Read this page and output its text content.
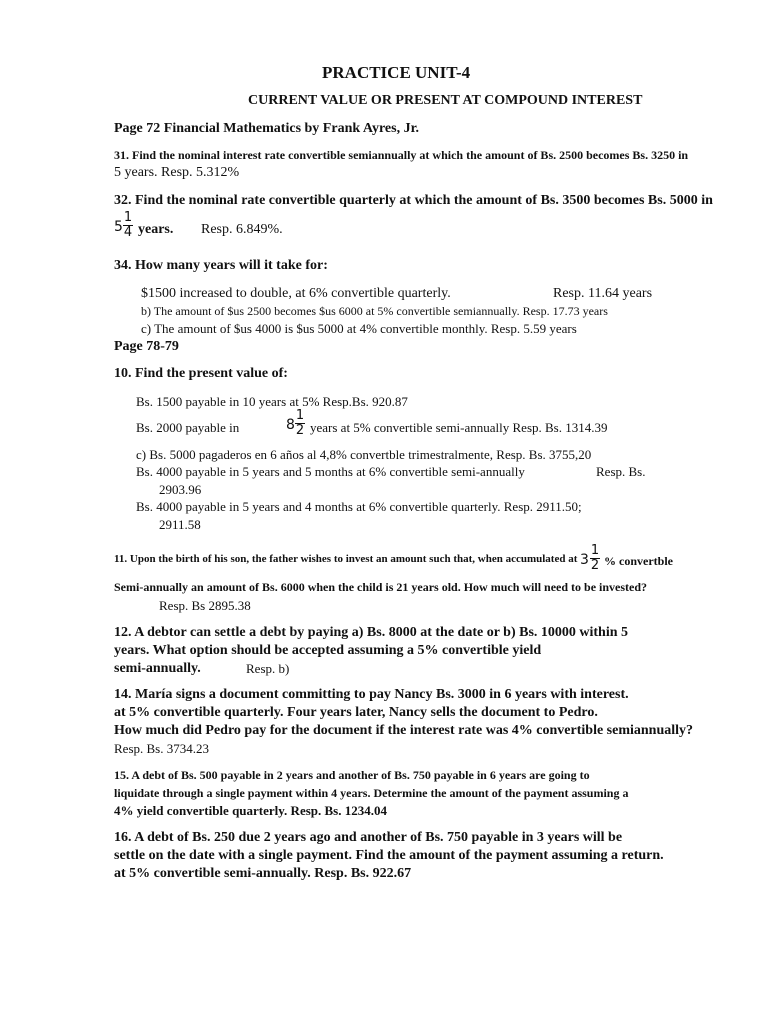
PRACTICE UNIT-4
CURRENT VALUE OR PRESENT AT COMPOUND INTEREST
Page 72 Financial Mathematics by Frank Ayres, Jr.
31. Find the nominal interest rate convertible semiannually at which the amount of Bs. 2500 becomes Bs. 3250 in
5 years. Resp. 5.312%
32. Find the nominal rate convertible quarterly at which the amount of Bs. 3500 becomes Bs. 5000 in
5
1
4 years. Resp. 6.849%.
34. How many years will it take for:
$1500 increased to double, at 6% convertible quarterly.	Resp. 11.64 years
b) The amount of $us 2500 becomes $us 6000 at 5% convertible semiannually. Resp. 17.73 years
c) The amount of $us 4000 is $us 5000 at 4% convertible monthly. Resp. 5.59 years
Page 78-79
10. Find the present value of:
Bs. 1500 payable in 10 years at 5% Resp.Bs. 920.87
Bs. 2000 payable in	8
1
2 years at 5% convertible semi-annually Resp. Bs. 1314.39
c) Bs. 5000 pagaderos en 6 años al 4,8% convertble trimestralmente, Resp. Bs. 3755,20
Bs. 4000 payable in 5 years and 5 months at 6% convertible semi-annually	Resp. Bs.
2903.96
Bs. 4000 payable in 5 years and 4 months at 6% convertible quarterly. Resp. 2911.50;
2911.58
11. Upon the birth of his son, the father wishes to invest an amount such that, when accumulated at 3
1
2 % convertble
Semi-annually an amount of Bs. 6000 when the child is 21 years old. How much will need to be invested?
Resp. Bs 2895.38
12. A debtor can settle a debt by paying a) Bs. 8000 at the date or b) Bs. 10000 within 5
years. What option should be accepted assuming a 5% convertible yield
semi-annually.	Resp. b)
14. María signs a document committing to pay Nancy Bs. 3000 in 6 years with interest.
at 5% convertible quarterly. Four years later, Nancy sells the document to Pedro.
How much did Pedro pay for the document if the interest rate was 4% convertible semiannually?
Resp. Bs. 3734.23
15. A debt of Bs. 500 payable in 2 years and another of Bs. 750 payable in 6 years are going to
liquidate through a single payment within 4 years. Determine the amount of the payment assuming a
4% yield convertible quarterly. Resp. Bs. 1234.04
16. A debt of Bs. 250 due 2 years ago and another of Bs. 750 payable in 3 years will be
settle on the date with a single payment. Find the amount of the payment assuming a return.
at 5% convertible semi-annually. Resp. Bs. 922.67
